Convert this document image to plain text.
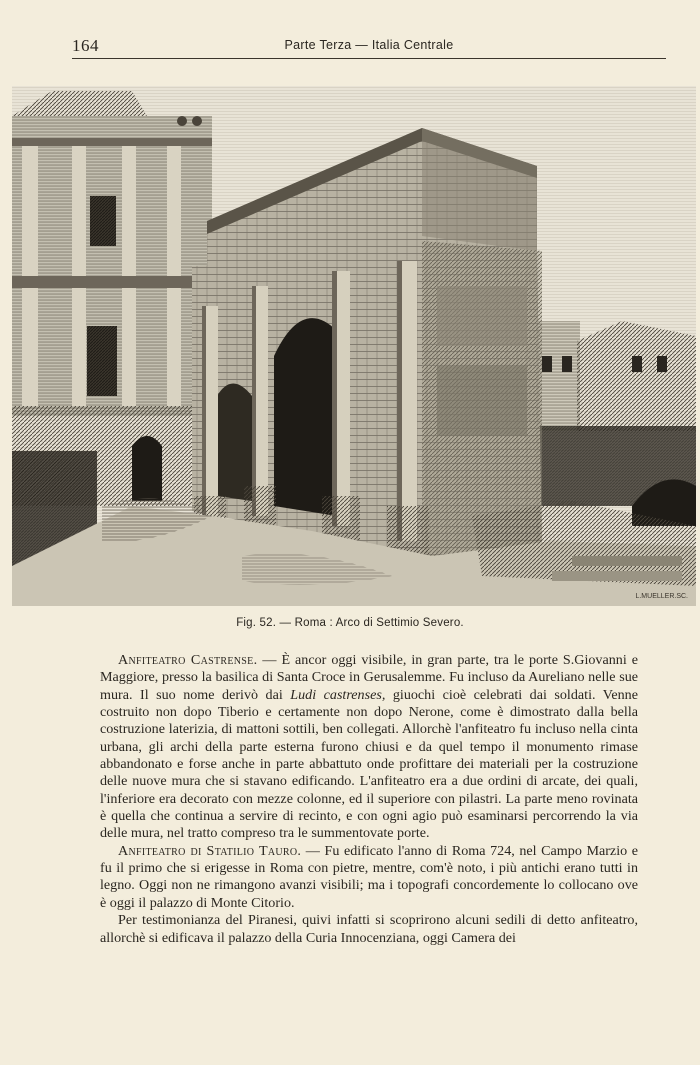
164	Parte Terza — Italia Centrale
L.MUELLER.SC.
Fig. 52. — Roma : Arco di Settimio Severo.

Anfiteatro Castrense. — È ancor oggi visibile, in gran parte, tra le porte S.Giovanni e Maggiore, presso la basilica di Santa Croce in Gerusalemme. Fu incluso da Aureliano nelle sue mura. Il suo nome derivò dai Ludi castrenses, giuochi cioè celebrati dai soldati. Venne costruito non dopo Tiberio e certamente non dopo Nerone, come è dimostrato dalla bella costruzione laterizia, di mattoni sottili, ben collegati. Allorchè l'anfiteatro fu incluso nella cinta urbana, gli archi della parte esterna furono chiusi e da quel tempo il monumento rimase abbandonato e forse anche in parte abbattuto onde profittare dei materiali per la costruzione delle nuove mura che si stavano edificando. L'anfiteatro era a due ordini di arcate, dei quali, l'inferiore era decorato con mezze colonne, ed il superiore con pilastri. La parte meno rovinata è quella che continua a servire di recinto, e con ogni agio può esaminarsi percorrendo la via delle mura, nel tratto compreso tra le summentovate porte.

Anfiteatro di Statilio Tauro. — Fu edificato l'anno di Roma 724, nel Campo Marzio e fu il primo che si erigesse in Roma con pietre, mentre, com'è noto, i più antichi erano tutti in legno. Oggi non ne rimangono avanzi visibili; ma i topografi concordemente lo collocano ove è oggi il palazzo di Monte Citorio.

Per testimonianza del Piranesi, quivi infatti si scoprirono alcuni sedili di detto anfiteatro, allorchè si edificava il palazzo della Curia Innocenziana, oggi Camera dei
